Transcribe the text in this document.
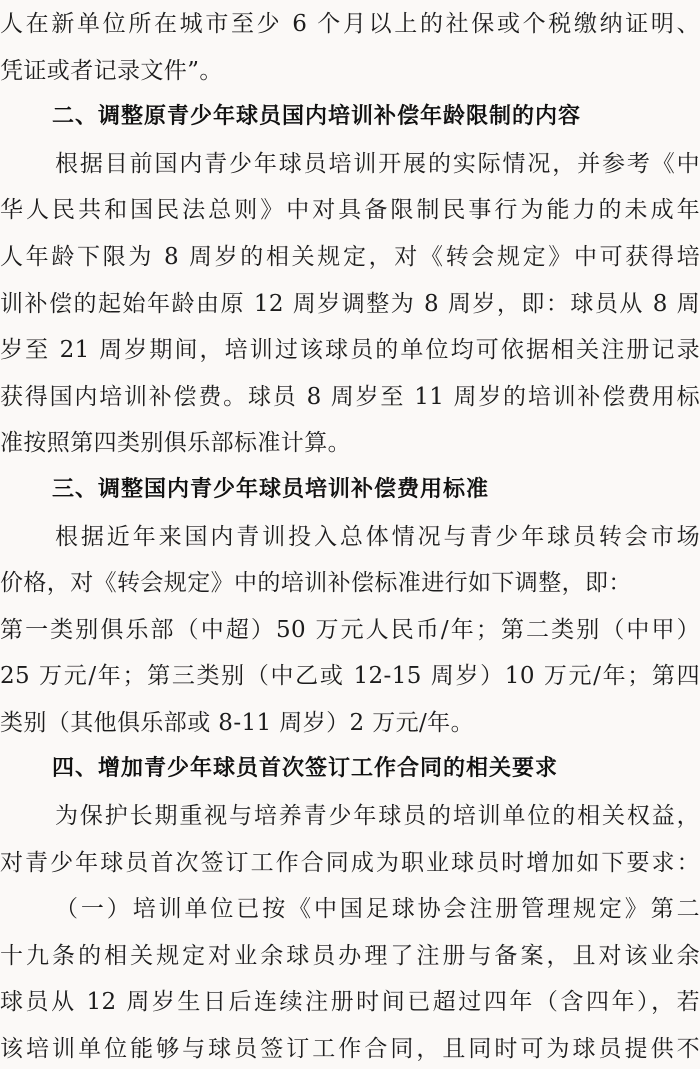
人在新单位所在城市至少 6 个月以上的社保或个税缴纳证明、
凭证或者记录文件”。
二、调整原青少年球员国内培训补偿年龄限制的内容
根据目前国内青少年球员培训开展的实际情况，并参考《中
华人民共和国民法总则》中对具备限制民事行为能力的未成年
人年龄下限为 8 周岁的相关规定，对《转会规定》中可获得培
训补偿的起始年龄由原 12 周岁调整为 8 周岁，即：球员从 8 周
岁至 21 周岁期间，培训过该球员的单位均可依据相关注册记录
获得国内培训补偿费。球员 8 周岁至 11 周岁的培训补偿费用标
准按照第四类别俱乐部标准计算。
三、调整国内青少年球员培训补偿费用标准
根据近年来国内青训投入总体情况与青少年球员转会市场
价格，对《转会规定》中的培训补偿标准进行如下调整，即：
第一类别俱乐部（中超）50 万元人民币/年；第二类别（中甲）
25 万元/年；第三类别（中乙或 12-15 周岁）10 万元/年；第四
类别（其他俱乐部或 8-11 周岁）2 万元/年。
四、增加青少年球员首次签订工作合同的相关要求
为保护长期重视与培养青少年球员的培训单位的相关权益，
对青少年球员首次签订工作合同成为职业球员时增加如下要求：
（一）培训单位已按《中国足球协会注册管理规定》第二
十九条的相关规定对业余球员办理了注册与备案，且对该业余
球员从 12 周岁生日后连续注册时间已超过四年（含四年），若
该培训单位能够与球员签订工作合同，且同时可为球员提供不
